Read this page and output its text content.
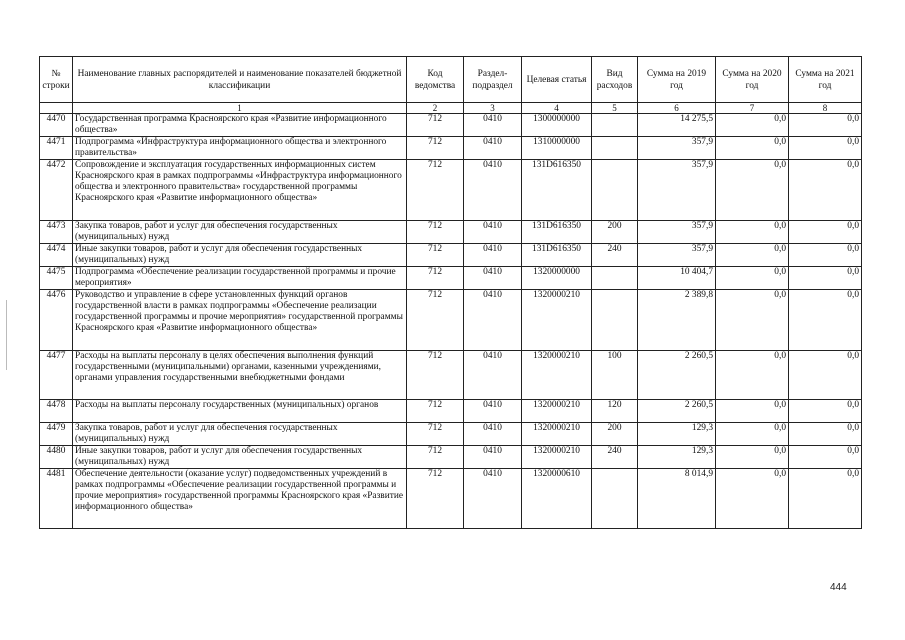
№ строки	Наименование главных распорядителей и наименование показателей бюджетной классификации	Код ведомства	Раздел-подраздел	Целевая статья	Вид расходов	Сумма на 2019 год	Сумма на 2020 год	Сумма на 2021 год
	1	2	3	4	5	6	7	8
4470	Государственная программа Красноярского края «Развитие информационного общества»	712	0410	1300000000		14 275,5	0,0	0,0
4471	Подпрограмма «Инфраструктура информационного общества и электронного правительства»	712	0410	1310000000		357,9	0,0	0,0
4472	Сопровождение и эксплуатация государственных информационных систем Красноярского края в рамках подпрограммы «Инфраструктура информационного общества и электронного правительства» государственной программы Красноярского края «Развитие информационного общества»	712	0410	131D616350		357,9	0,0	0,0
4473	Закупка товаров, работ и услуг для обеспечения государственных (муниципальных) нужд	712	0410	131D616350	200	357,9	0,0	0,0
4474	Иные закупки товаров, работ и услуг для обеспечения государственных (муниципальных) нужд	712	0410	131D616350	240	357,9	0,0	0,0
4475	Подпрограмма «Обеспечение реализации государственной программы и прочие мероприятия»	712	0410	1320000000		10 404,7	0,0	0,0
4476	Руководство и управление в сфере установленных функций органов государственной власти в рамках подпрограммы «Обеспечение реализации государственной программы и прочие мероприятия» государственной программы Красноярского края «Развитие информационного общества»	712	0410	1320000210		2 389,8	0,0	0,0
4477	Расходы на выплаты персоналу в целях обеспечения выполнения функций государственными (муниципальными) органами, казенными учреждениями, органами управления государственными внебюджетными фондами	712	0410	1320000210	100	2 260,5	0,0	0,0
4478	Расходы на выплаты персоналу государственных (муниципальных) органов	712	0410	1320000210	120	2 260,5	0,0	0,0
4479	Закупка товаров, работ и услуг для обеспечения государственных (муниципальных) нужд	712	0410	1320000210	200	129,3	0,0	0,0
4480	Иные закупки товаров, работ и услуг для обеспечения государственных (муниципальных) нужд	712	0410	1320000210	240	129,3	0,0	0,0
4481	Обеспечение деятельности (оказание услуг) подведомственных учреждений в рамках подпрограммы «Обеспечение реализации государственной программы и прочие мероприятия» государственной программы Красноярского края «Развитие информационного общества»	712	0410	1320000610		8 014,9	0,0	0,0
444
